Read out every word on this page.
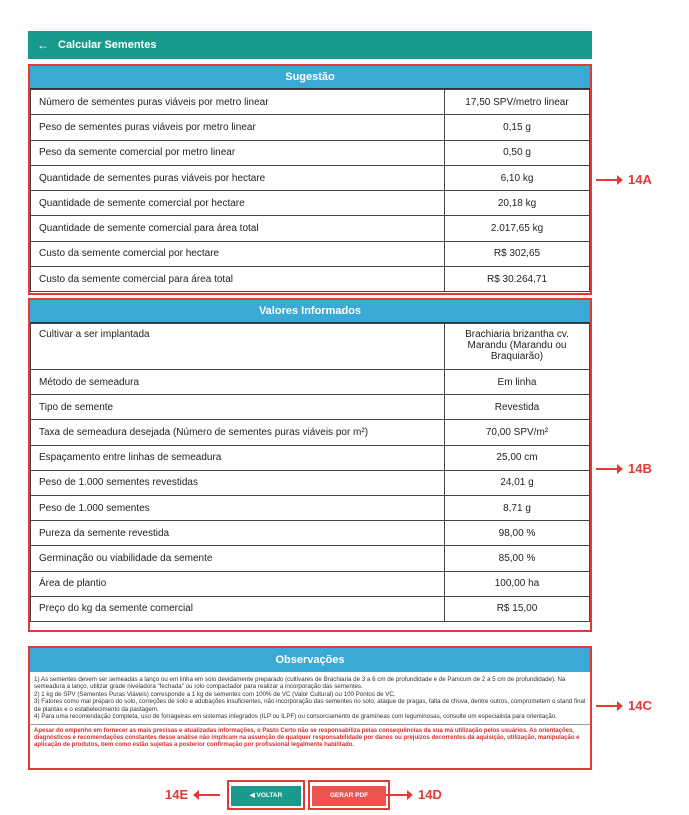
← Calcular Sementes
Sugestão
Número de sementes puras viáveis por metro linear	17,50 SPV/metro linear
Peso de sementes puras viáveis por metro linear	0,15 g
Peso da semente comercial por metro linear	0,50 g
Quantidade de sementes puras viáveis por hectare	6,10 kg
Quantidade de semente comercial por hectare	20,18 kg
Quantidade de semente comercial para área total	2.017,65 kg
Custo da semente comercial por hectare	R$ 302,65
Custo da semente comercial para área total	R$ 30.264,71
Valores Informados
Cultivar a ser implantada	Brachiaria brizantha cv. Marandu (Marandu ou Braquiarão)
Método de semeadura	Em linha
Tipo de semente	Revestida
Taxa de semeadura desejada (Número de sementes puras viáveis por m²)	70,00 SPV/m²
Espaçamento entre linhas de semeadura	25,00 cm
Peso de 1.000 sementes revestidas	24,01 g
Peso de 1.000 sementes	8,71 g
Pureza da semente revestida	98,00 %
Germinação ou viabilidade da semente	85,00 %
Área de plantio	100,00 ha
Preço do kg da semente comercial	R$ 15,00
Observações

1) As sementes devem ser semeadas a lanço ou em linha em solo devidamente preparado (cultivares de Brachiaria de 3 a 6 cm de profundidade e de Panicum de 2 a 5 cm de profundidade). Na semeadura a lanço, utilizar grade niveladora "fechada" ou rolo compactador para realizar a incorporação das sementes.

2) 1 kg de SPV (Sementes Puras Viáveis) corresponde a 1 kg de sementes com 100% de VC (Valor Cultural) ou 100 Pontos de VC.

3) Fatores como mal preparo do solo, correções de solo e adubações insuficientes, não incorporação das sementes no solo, ataque de pragas, falta de chuva, dentre outros, comprometem o stand final de plantas e o estabelecimento da pastagem.

4) Para uma recomendação completa, uso de forrageiras em sistemas integrados (ILP ou ILPF) ou consorciamento de gramíneas com leguminosas, consulte um especialista para orientação.

Apesar do empenho em fornecer as mais precisas e atualizadas informações, o Pasto Certo não se responsabiliza pelas consequências da sua má utilização pelos usuários. As orientações, diagnósticos e recomendações constantes desse análise não implicam na assunção de qualquer responsabilidade por danos ou prejuízos decorrentes da aquisição, utilização, manipulação e aplicação de produtos, bem como estão sujeitas a posterior confirmação por profissional legalmente habilitado.
◀ VOLTAR	GERAR PDF
14A
14B
14C
14D
14E
